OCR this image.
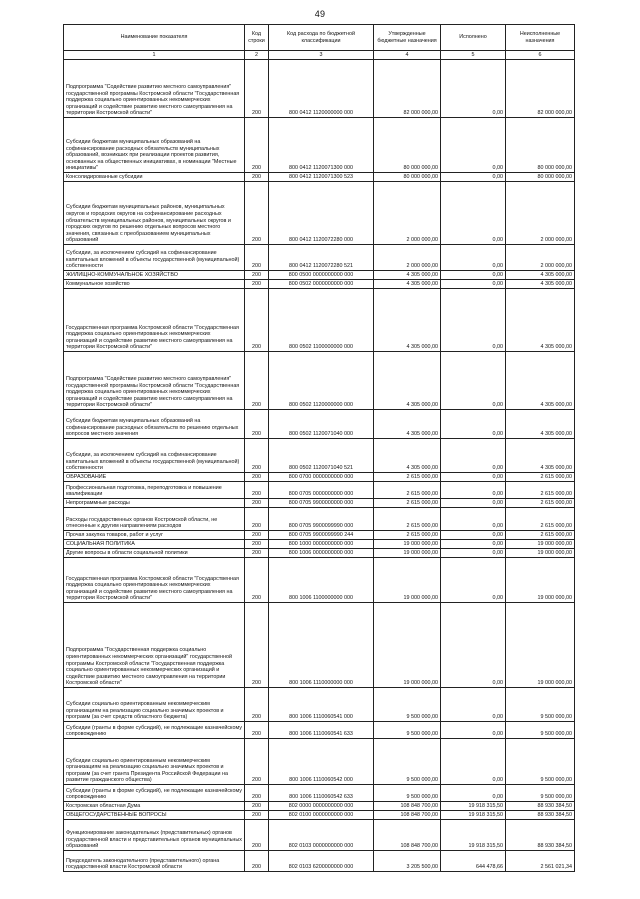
49
Наименование показателя	Код строки	Код расхода по бюджетной классификации	Утвержденные бюджетные назначения	Исполнено	Неисполненные назначения
1	2	3	4	5	6
Подпрограмма "Содействие развитию местного самоуправления" государственной программы Костромской области "Государственная поддержка социально ориентированных некоммерческих организаций и содействие развитию местного самоуправления на территории Костромской области"	200	800 0412 1120000000 000	82 000 000,00	0,00	82 000 000,00
Субсидии бюджетам муниципальных образований на софинансирование расходных обязательств муниципальных образований, возникших при реализации проектов развития, основанных на общественных инициативах, в номинации "Местные инициативы"	200	800 0412 1120071300 000	80 000 000,00	0,00	80 000 000,00
Консолидированные субсидии	200	800 0412 1120071300 523	80 000 000,00	0,00	80 000 000,00
Субсидии бюджетам муниципальных районов, муниципальных округов и городских округов на софинансирование расходных обязательств муниципальных районов, муниципальных округов и городских округов по решению отдельных вопросов местного значения, связанных с преобразованием муниципальных образований	200	800 0412 1120072280 000	2 000 000,00	0,00	2 000 000,00
Субсидии, за исключением субсидий на софинансирование капитальных вложений в объекты государственной (муниципальной) собственности	200	800 0412 1120072280 521	2 000 000,00	0,00	2 000 000,00
ЖИЛИЩНО-КОММУНАЛЬНОЕ ХОЗЯЙСТВО	200	800 0500 0000000000 000	4 305 000,00	0,00	4 305 000,00
Коммунальное хозяйство	200	800 0502 0000000000 000	4 305 000,00	0,00	4 305 000,00
Государственная программа Костромской области "Государственная поддержка социально ориентированных некоммерческих организаций и содействие развитию местного самоуправления на территории Костромской области"	200	800 0502 1100000000 000	4 305 000,00	0,00	4 305 000,00
Подпрограмма "Содействие развитию местного самоуправления" государственной программы Костромской области "Государственная поддержка социально ориентированных некоммерческих организаций и содействие развитию местного самоуправления на территории Костромской области"	200	800 0502 1120000000 000	4 305 000,00	0,00	4 305 000,00
Субсидии бюджетам муниципальных образований на софинансирование расходных обязательств по решению отдельных вопросов местного значения	200	800 0502 1120071040 000	4 305 000,00	0,00	4 305 000,00
Субсидии, за исключением субсидий на софинансирование капитальных вложений в объекты государственной (муниципальной) собственности	200	800 0502 1120071040 521	4 305 000,00	0,00	4 305 000,00
ОБРАЗОВАНИЕ	200	800 0700 0000000000 000	2 615 000,00	0,00	2 615 000,00
Профессиональная подготовка, переподготовка и повышение квалификации	200	800 0705 0000000000 000	2 615 000,00	0,00	2 615 000,00
Непрограммные расходы	200	800 0705 9900000000 000	2 615 000,00	0,00	2 615 000,00
Расходы государственных органов Костромской области, не отнесенные к другим направлениям расходов	200	800 0705 9900099990 000	2 615 000,00	0,00	2 615 000,00
Прочая закупка товаров, работ и услуг	200	800 0705 9900099990 244	2 615 000,00	0,00	2 615 000,00
СОЦИАЛЬНАЯ ПОЛИТИКА	200	800 1000 0000000000 000	19 000 000,00	0,00	19 000 000,00
Другие вопросы в области социальной политики	200	800 1006 0000000000 000	19 000 000,00	0,00	19 000 000,00
Государственная программа Костромской области "Государственная поддержка социально ориентированных некоммерческих организаций и содействие развитию местного самоуправления на территории Костромской области"	200	800 1006 1100000000 000	19 000 000,00	0,00	19 000 000,00
Подпрограмма "Государственная поддержка социально ориентированных некоммерческих организаций" государственной программы Костромской области "Государственная поддержка социально ориентированных некоммерческих организаций и содействие развитию местного самоуправления на территории Костромской области"	200	800 1006 1110000000 000	19 000 000,00	0,00	19 000 000,00
Субсидии социально ориентированным некоммерческим организациям на реализацию социально значимых проектов и программ (за счет средств областного бюджета)	200	800 1006 1110060541 000	9 500 000,00	0,00	9 500 000,00
Субсидии (гранты в форме субсидий), не подлежащие казначейскому сопровождению	200	800 1006 1110060541 633	9 500 000,00	0,00	9 500 000,00
Субсидии социально ориентированным некоммерческим организациям на реализацию социально значимых проектов и программ (за счет гранта Президента Российской Федерации на развитие гражданского общества)	200	800 1006 1110060542 000	9 500 000,00	0,00	9 500 000,00
Субсидии (гранты в форме субсидий), не подлежащие казначейскому сопровождению	200	800 1006 1110060542 633	9 500 000,00	0,00	9 500 000,00
Костромская областная Дума	200	802 0000 0000000000 000	108 848 700,00	19 918 315,50	88 930 384,50
ОБЩЕГОСУДАРСТВЕННЫЕ ВОПРОСЫ	200	802 0100 0000000000 000	108 848 700,00	19 918 315,50	88 930 384,50
Функционирование законодательных (представительных) органов государственной власти и представительных органов муниципальных образований	200	802 0103 0000000000 000	108 848 700,00	19 918 315,50	88 930 384,50
Председатель законодательного (представительного) органа государственной власти Костромской области	200	802 0103 6200000000 000	3 205 500,00	644 478,66	2 561 021,34
